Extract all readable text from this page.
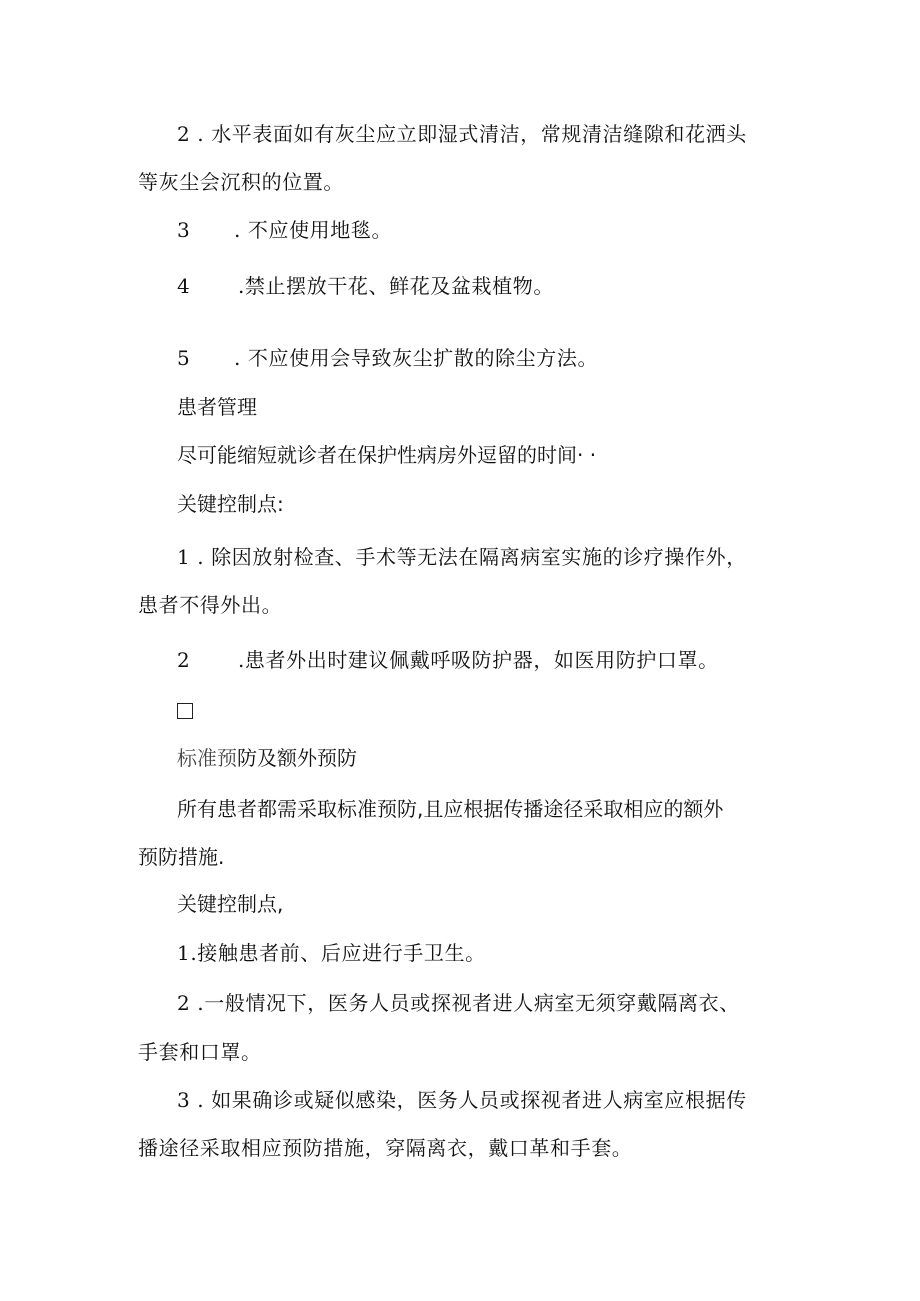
2 . 水平表面如有灰尘应立即湿式清洁，常规清洁缝隙和花洒头
等灰尘会沉积的位置。
3 . 不应使用地毯。
4 .禁止摆放干花、鲜花及盆栽植物。
5 . 不应使用会导致灰尘扩散的除尘方法。
患者管理
尽可能缩短就诊者在保护性病房外逗留的时间· ·
关键控制点:
1 . 除因放射检查、手术等无法在隔离病室实施的诊疗操作外，
患者不得外出。
2 .患者外出时建议佩戴呼吸防护器，如医用防护口罩。
标准预防及额外预防
所有患者都需采取标准预防,且应根据传播途径采取相应的额外
预防措施.
关键控制点,
1.接触患者前、后应进行手卫生。
2 .一般情况下，医务人员或探视者进人病室无须穿戴隔离衣、
手套和口罩。
3 . 如果确诊或疑似感染，医务人员或探视者进人病室应根据传
播途径采取相应预防措施，穿隔离衣，戴口革和手套。
